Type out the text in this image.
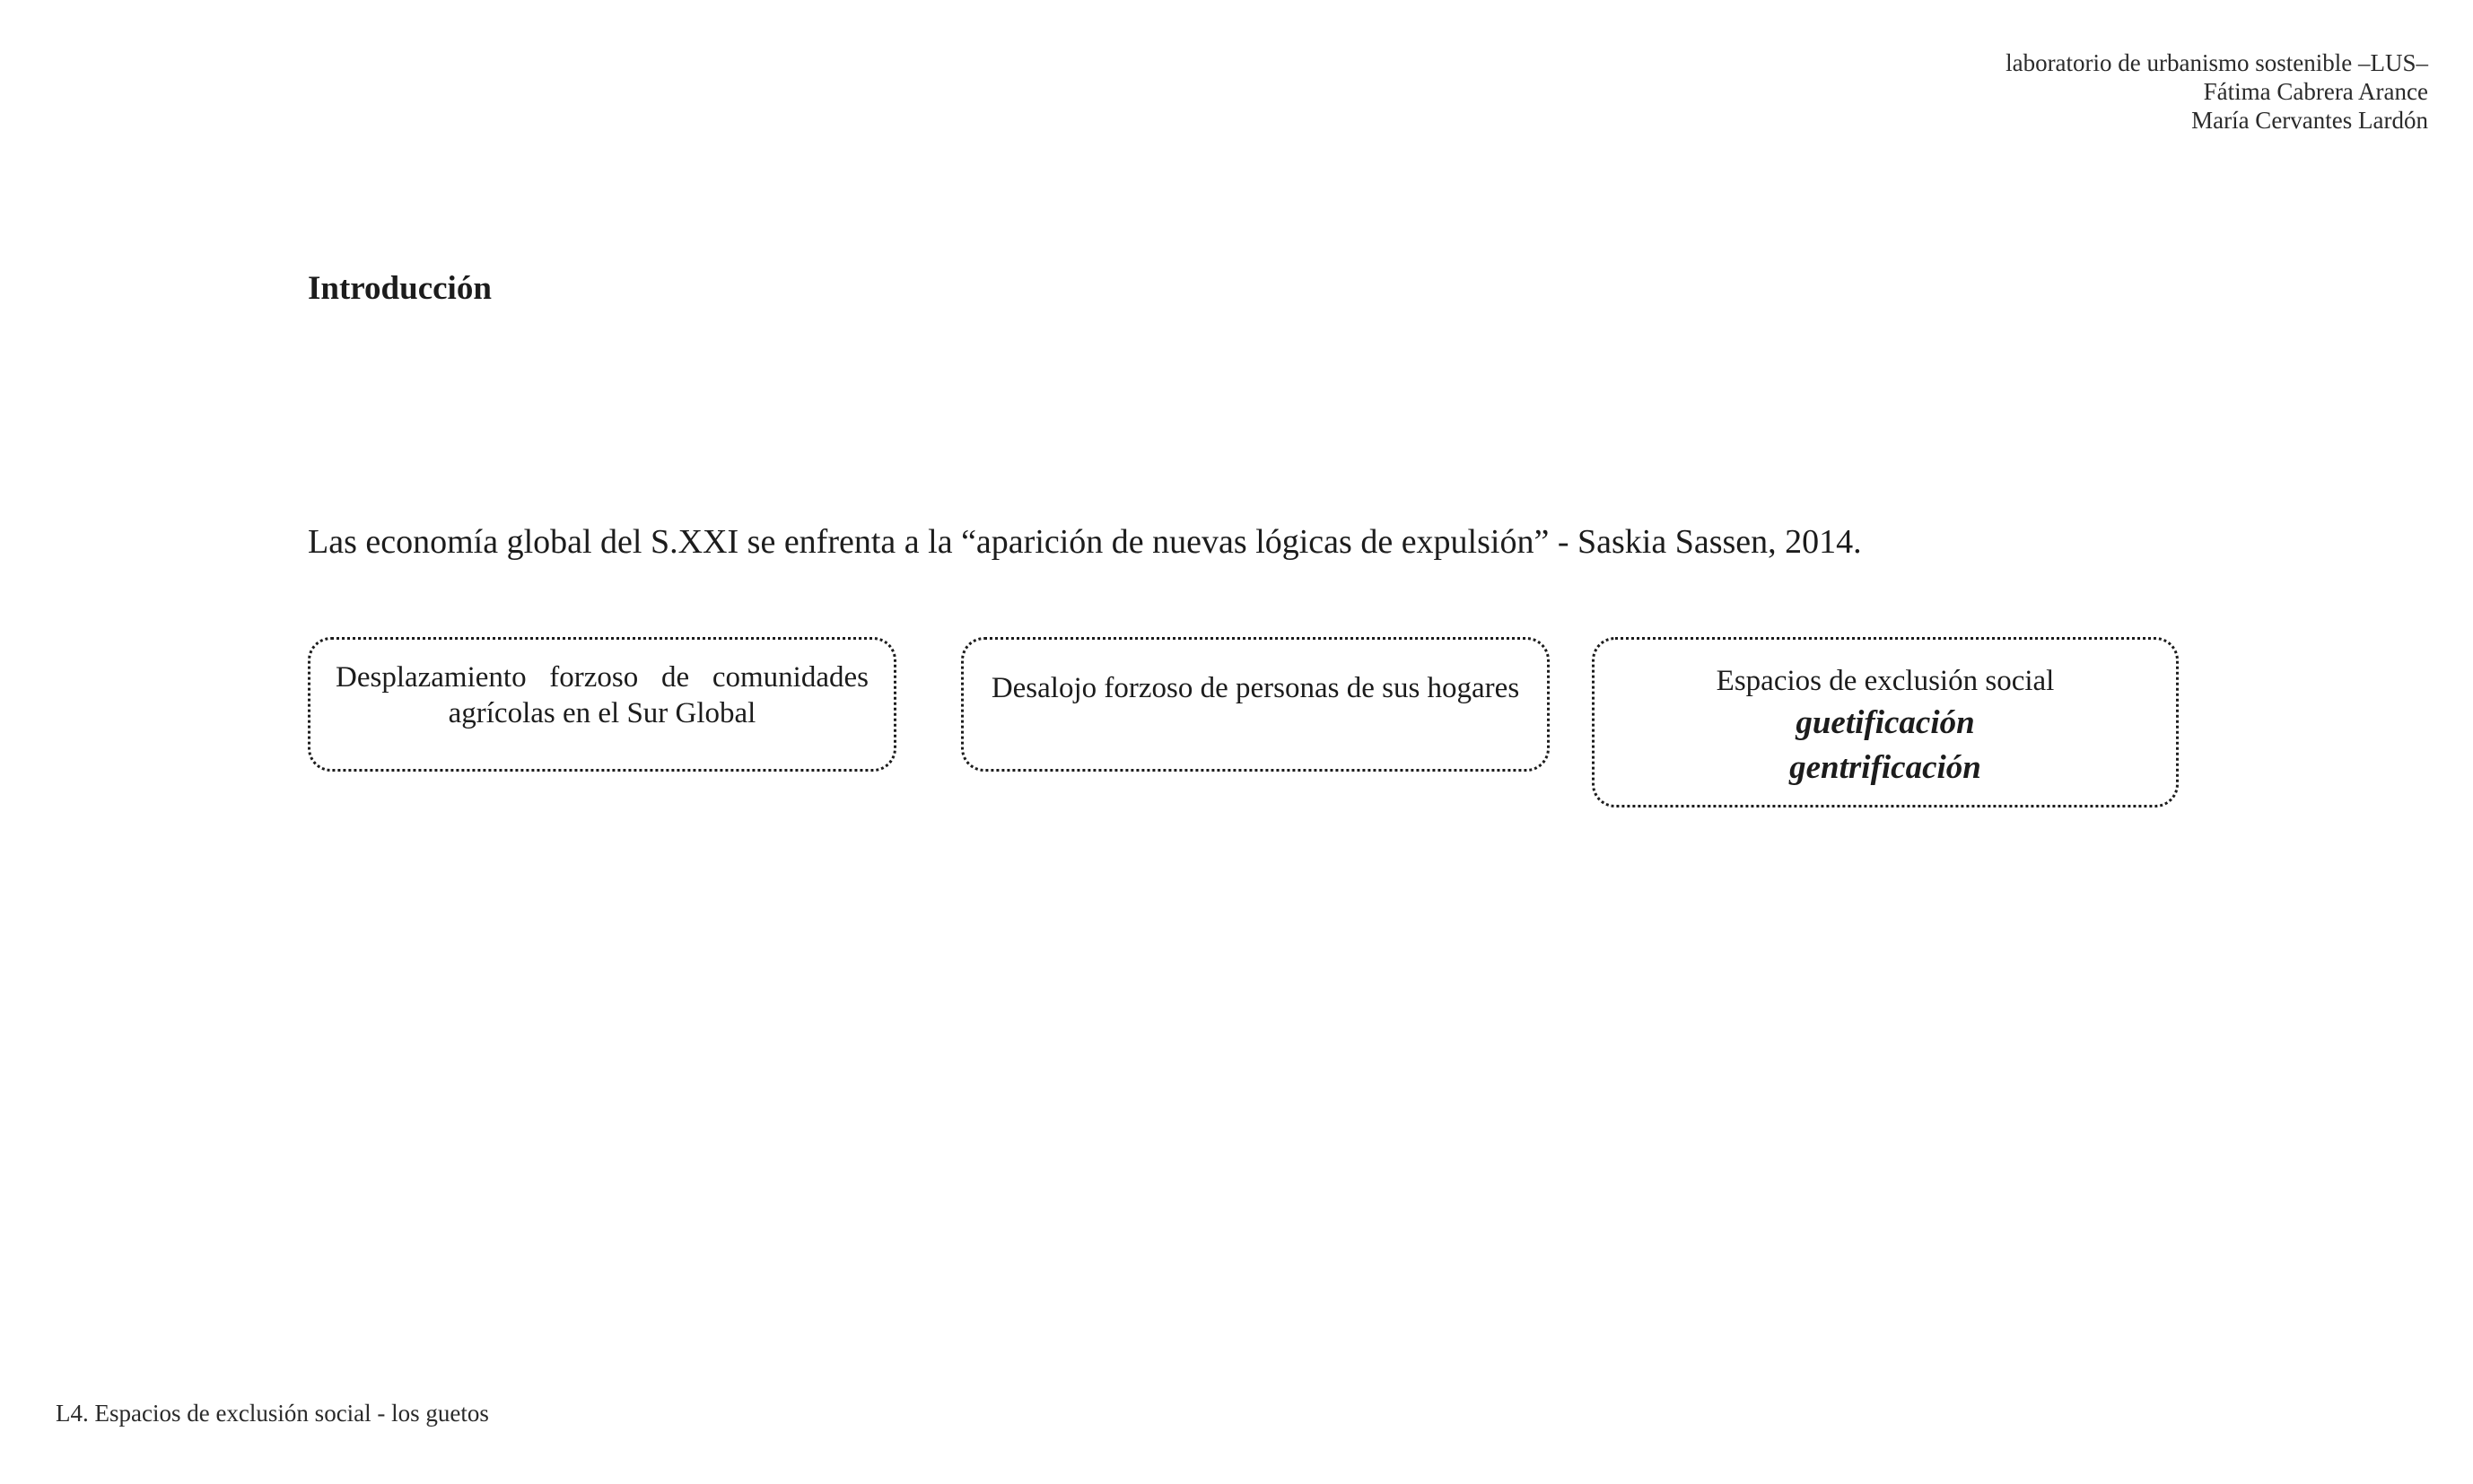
laboratorio de urbanismo sostenible –LUS–
Fátima Cabrera Arance
María Cervantes Lardón
Introducción
Las economía global del S.XXI se enfrenta a la “aparición de nuevas lógicas de expulsión” - Saskia Sassen, 2014.
Desplazamiento forzoso de comunidades agrícolas en el Sur Global
Desalojo forzoso de personas de sus hogares	Espacios de exclusión social
guetificación
gentrificación
L4. Espacios de exclusión social - los guetos
